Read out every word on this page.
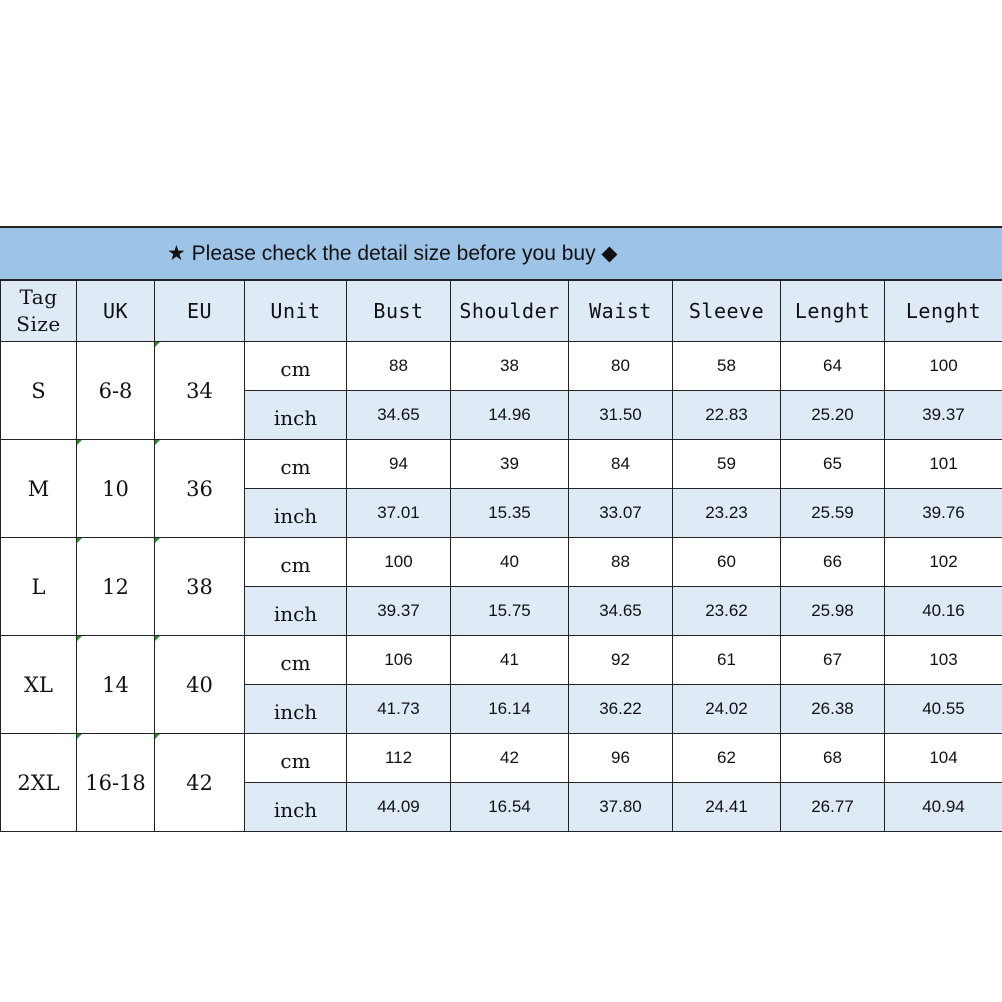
★ Please check the detail size before you buy ◆
Tag Size	UK	EU	Unit	Bust	Shoulder	Waist	Sleeve	Lenght	Lenght
S	6-8	34	cm	88	38	80	58	64	100
			inch	34.65	14.96	31.50	22.83	25.20	39.37
M	10	36	cm	94	39	84	59	65	101
			inch	37.01	15.35	33.07	23.23	25.59	39.76
L	12	38	cm	100	40	88	60	66	102
			inch	39.37	15.75	34.65	23.62	25.98	40.16
XL	14	40	cm	106	41	92	61	67	103
			inch	41.73	16.14	36.22	24.02	26.38	40.55
2XL	16-18	42	cm	112	42	96	62	68	104
			inch	44.09	16.54	37.80	24.41	26.77	40.94
